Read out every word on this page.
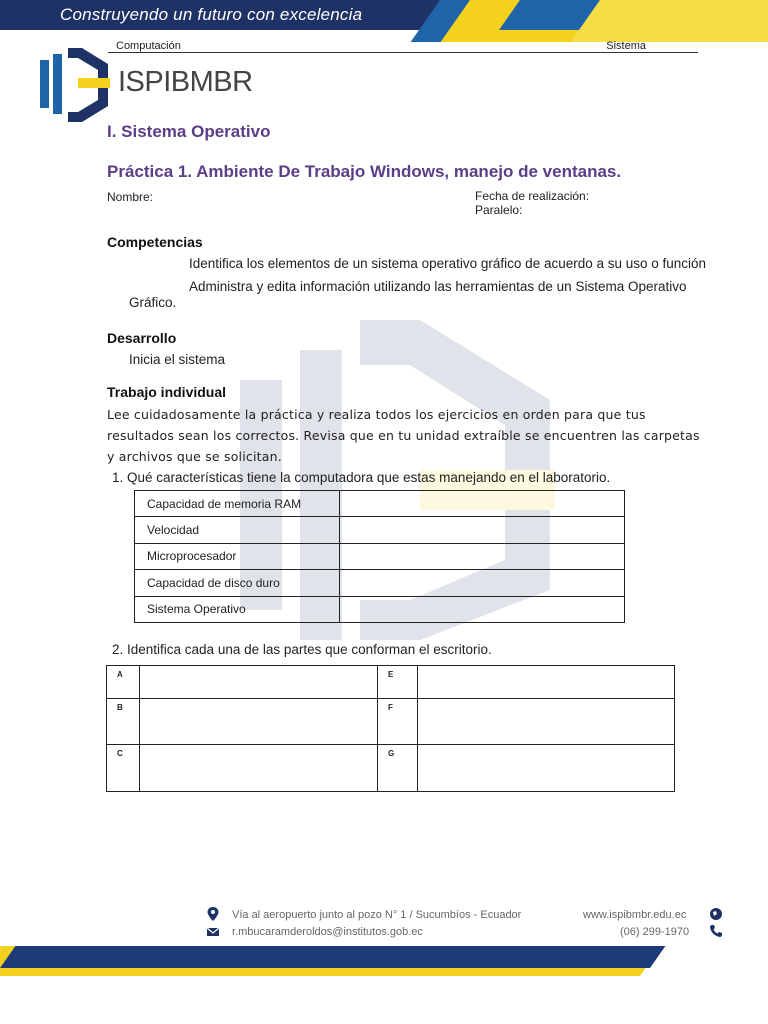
Construyendo un futuro con excelencia
Computación	Sistema
ISPIBMBR
I. Sistema Operativo
Práctica 1. Ambiente De Trabajo Windows, manejo de ventanas.
Nombre:	Fecha de realización:
Paralelo:
Competencias
Identifica los elementos de un sistema operativo gráfico de acuerdo a su uso o función
Administra y edita información utilizando las herramientas de un Sistema Operativo
Gráfico.
Desarrollo
Inicia el sistema
Trabajo individual
Lee cuidadosamente la práctica y realiza todos los ejercicios en orden para que tus
resultados sean los correctos. Revisa que en tu unidad extraíble se encuentren las carpetas
y archivos que se solicitan.
1. Qué características tiene la computadora que estas manejando en el laboratorio.
Capacidad de memoria RAM	
Velocidad	
Microprocesador	
Capacidad de disco duro	
Sistema Operativo	
2. Identifica cada una de las partes que conforman el escritorio.
A		E	
B		F	
C		G	
Vía al aeropuerto junto al pozo N° 1 / Sucumbíos - Ecuador
r.mbucaramderoldos@institutos.gob.ec
www.ispibmbr.edu.ec
(06) 299-1970
